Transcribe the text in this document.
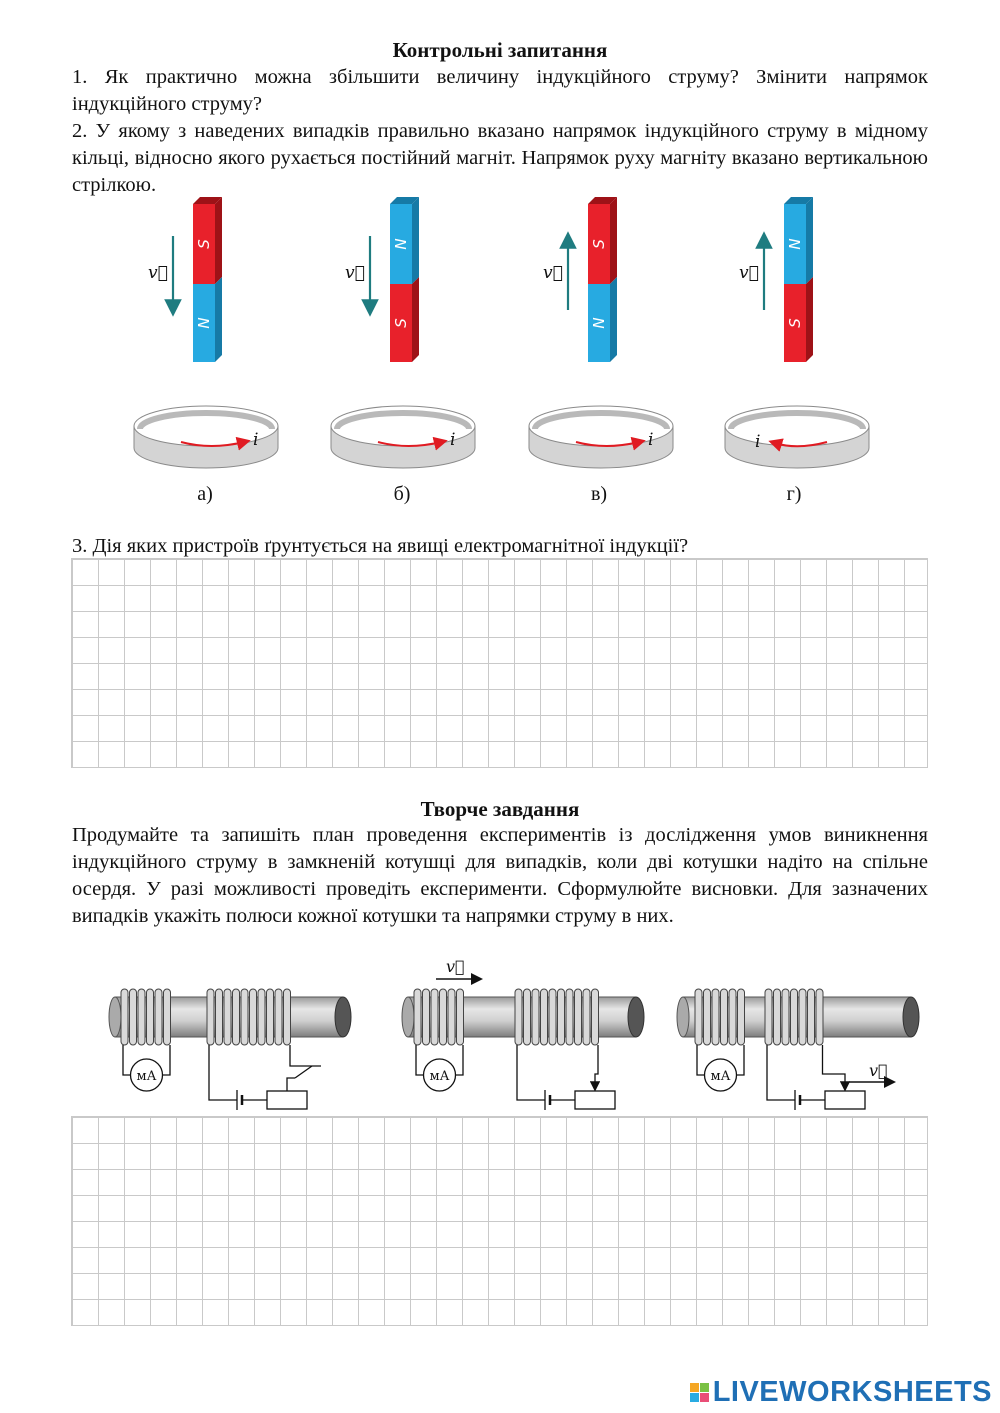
Контрольні запитання
1. Як практично можна збільшити величину індукційного струму? Змінити напрямок індукційного струму?
2. У якому з наведених випадків правильно вказано напрямок індукційного струму в мідному кільці, відносно якого рухається постійний магніт. Напрямок руху магніту вказано вертикальною стрілкою.
S
N
v⃗
i
N
S
v⃗
i
S
N
v⃗
i
N
S
v⃗
i
а)	б)	в)	г)
3. Дія яких пристроїв ґрунтується на явищі електромагнітної індукції?
Творче завдання
Продумайте та запишіть план проведення експериментів із дослідження умов виникнення індукційного струму в замкненій котушці для випадків, коли дві котушки надіто на спільне осердя. У разі можливості проведіть експерименти. Сформулюйте висновки. Для зазначених випадків укажіть полюси кожної котушки та напрямки струму в них.
мА	мА
v⃗
мА	v⃗
LIVE WORKSHEETS
